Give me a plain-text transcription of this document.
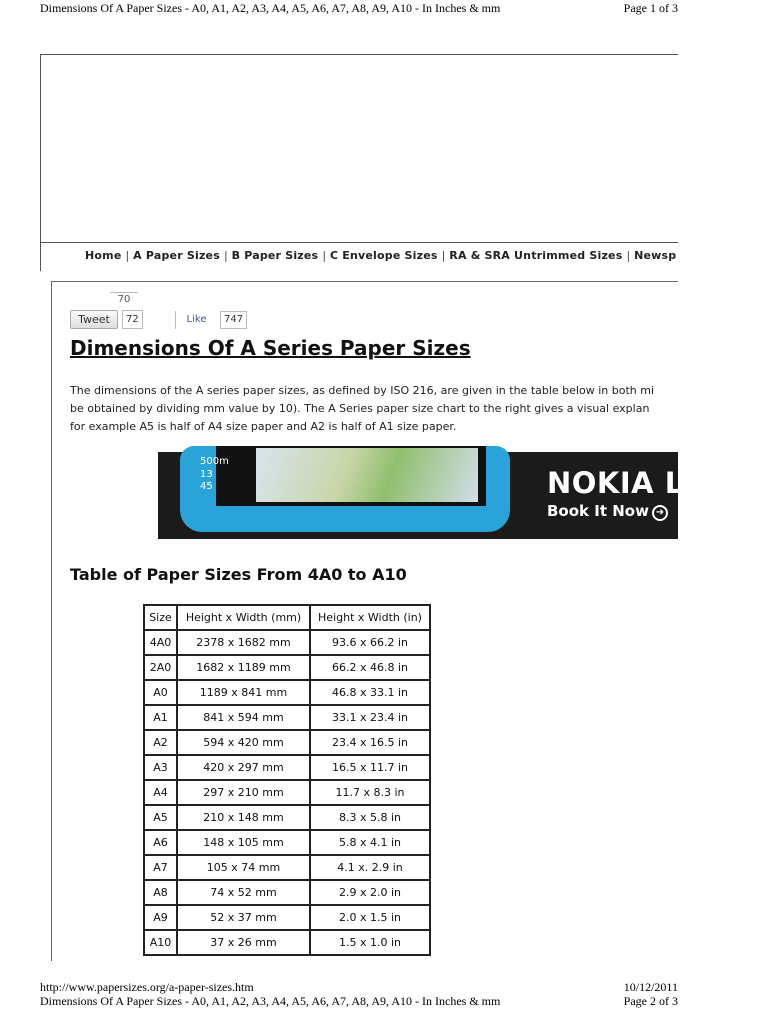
Dimensions Of A Paper Sizes - A0, A1, A2, A3, A4, A5, A6, A7, A8, A9, A10 - In Inches & mm	Page 1 of 3
Home | A Paper Sizes | B Paper Sizes | C Envelope Sizes | RA & SRA Untrimmed Sizes | Newsp
70
Tweet	72	Like	747
Dimensions Of A Series Paper Sizes

The dimensions of the A series paper sizes, as defined by ISO 216, are given in the table below in both mi

be obtained by dividing mm value by 10). The A Series paper size chart to the right gives a visual explan

for example A5 is half of A4 size paper and A2 is half of A1 size paper.

500m
13
45	NOKIA LU
Book It Now ➜
Table of Paper Sizes From 4A0 to A10
Size	Height x Width (mm)	Height x Width (in)
4A0	2378 x 1682 mm	93.6 x 66.2 in
2A0	1682 x 1189 mm	66.2 x 46.8 in
A0	1189 x 841 mm	46.8 x 33.1 in
A1	841 x 594 mm	33.1 x 23.4 in
A2	594 x 420 mm	23.4 x 16.5 in
A3	420 x 297 mm	16.5 x 11.7 in
A4	297 x 210 mm	11.7 x 8.3 in
A5	210 x 148 mm	8.3 x 5.8 in
A6	148 x 105 mm	5.8 x 4.1 in
A7	105 x 74 mm	4.1 x. 2.9 in
A8	74 x 52 mm	2.9 x 2.0 in
A9	52 x 37 mm	2.0 x 1.5 in
A10	37 x 26 mm	1.5 x 1.0 in
http://www.papersizes.org/a-paper-sizes.htm
Dimensions Of A Paper Sizes - A0, A1, A2, A3, A4, A5, A6, A7, A8, A9, A10 - In Inches & mm
10/12/2011
Page 2 of 3
